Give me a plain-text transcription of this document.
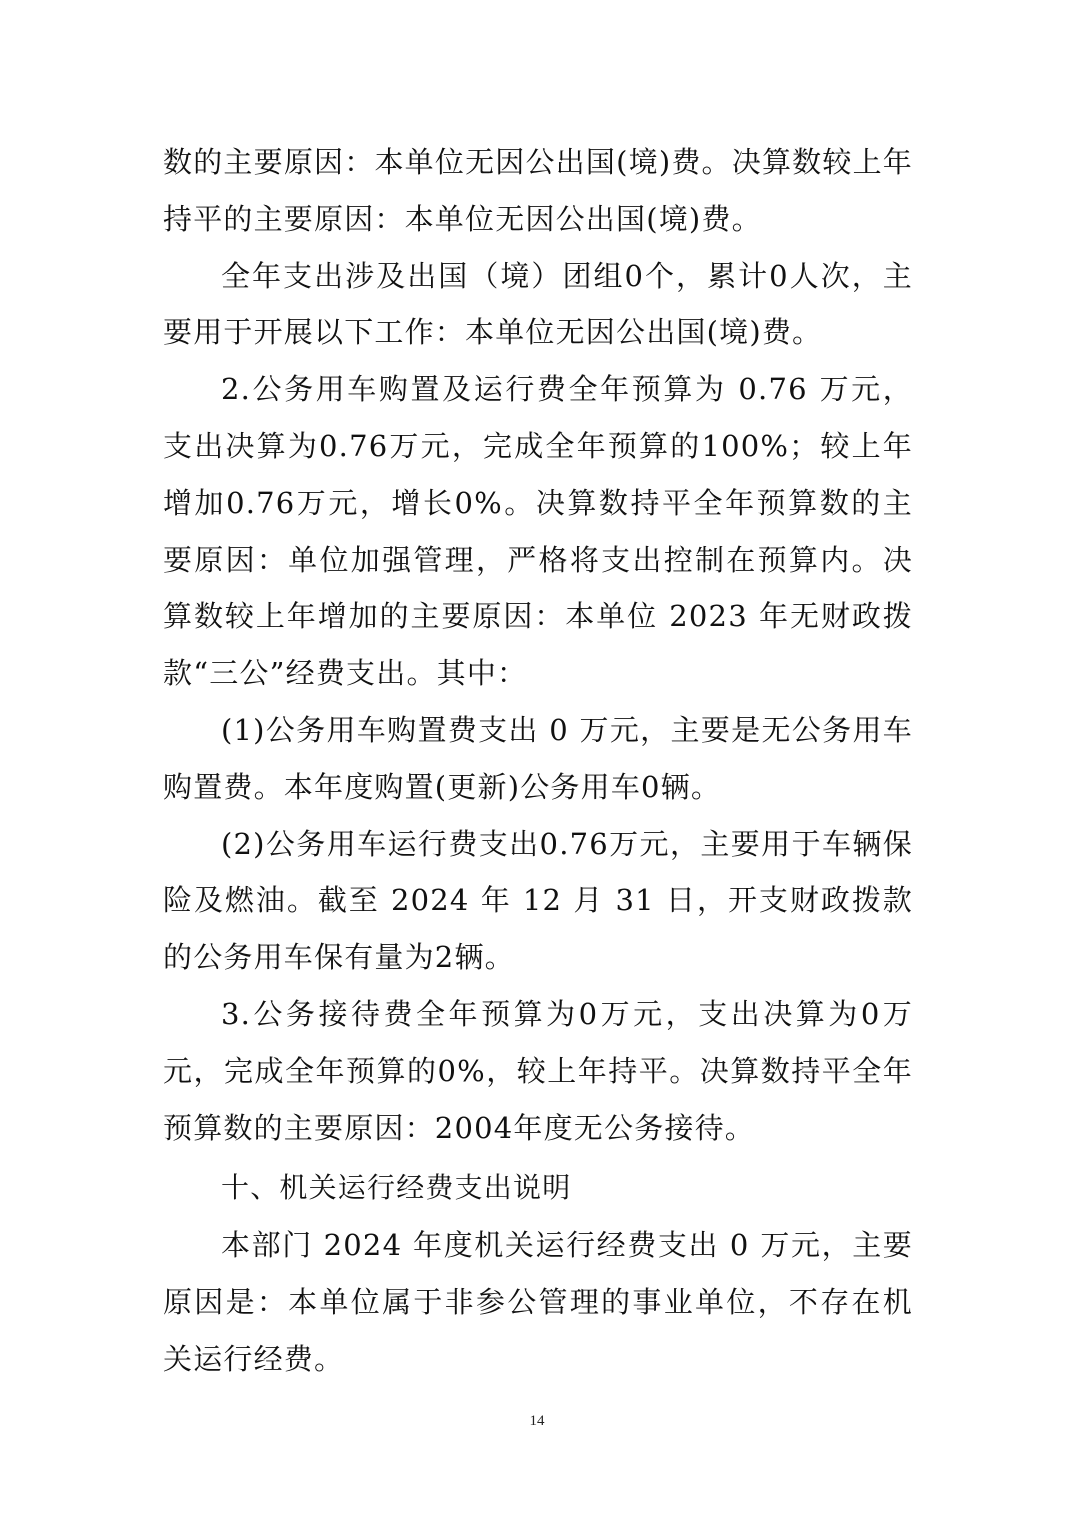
数的主要原因：本单位无因公出国(境)费。决算数较上年持平的主要原因：本单位无因公出国(境)费。

全年支出涉及出国（境）团组0个，累计0人次，主要用于开展以下工作：本单位无因公出国(境)费。

2.公务用车购置及运行费全年预算为 0.76 万元，支出决算为0.76万元，完成全年预算的100%；较上年增加0.76万元，增长0%。决算数持平全年预算数的主要原因：单位加强管理，严格将支出控制在预算内。决算数较上年增加的主要原因：本单位 2023 年无财政拨款“三公”经费支出。其中：

(1)公务用车购置费支出 0 万元，主要是无公务用车购置费。本年度购置(更新)公务用车0辆。

(2)公务用车运行费支出0.76万元，主要用于车辆保险及燃油。截至 2024 年 12 月 31 日，开支财政拨款的公务用车保有量为2辆。

3.公务接待费全年预算为0万元，支出决算为0万元，完成全年预算的0%，较上年持平。决算数持平全年预算数的主要原因：2004年度无公务接待。

十、机关运行经费支出说明

本部门 2024 年度机关运行经费支出 0 万元，主要原因是：本单位属于非参公管理的事业单位，不存在机关运行经费。

14
